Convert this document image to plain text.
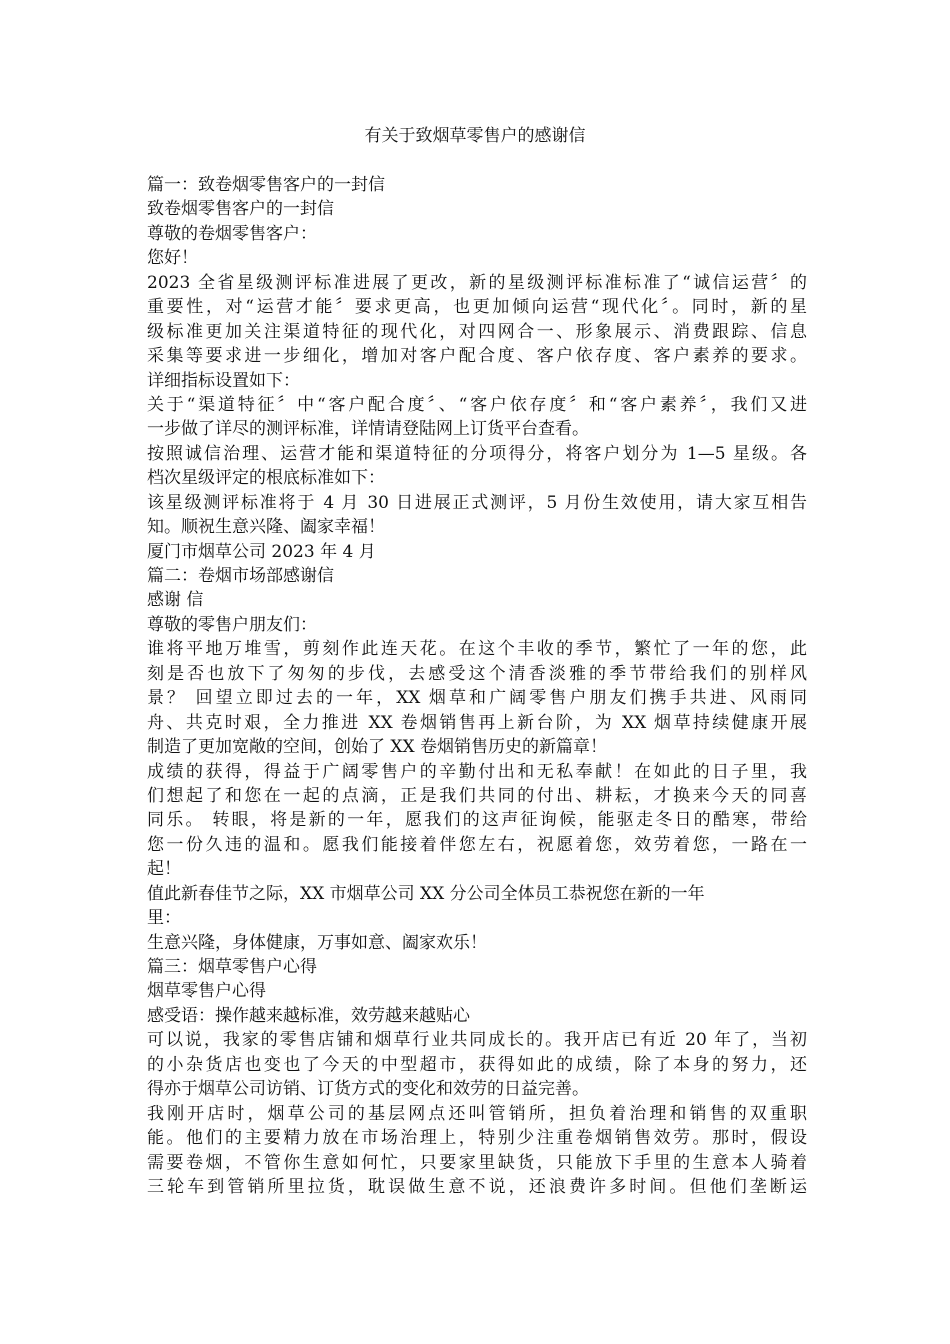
有关于致烟草零售户的感谢信
篇一：致卷烟零售客户的一封信
致卷烟零售客户的一封信
尊敬的卷烟零售客户：
您好！
2023 全省星级测评标准进展了更改，新的星级测评标准标准了“诚信运营〞的
重要性，对“运营才能〞要求更高，也更加倾向运营“现代化〞。同时，新的星
级标准更加关注渠道特征的现代化，对四网合一、形象展示、消费跟踪、信息
采集等要求进一步细化，增加对客户配合度、客户依存度、客户素养的要求。
详细指标设置如下：
关于“渠道特征〞中“客户配合度〞、“客户依存度〞和“客户素养〞，我们又进
一步做了详尽的测评标准，详情请登陆网上订货平台查看。
按照诚信治理、运营才能和渠道特征的分项得分，将客户划分为 1—5 星级。各
档次星级评定的根底标准如下：
该星级测评标准将于 4 月 30 日进展正式测评，5 月份生效使用，请大家互相告
知。顺祝生意兴隆、阖家幸福！
厦门市烟草公司 2023 年 4 月
篇二：卷烟市场部感谢信
感谢 信
尊敬的零售户朋友们：
谁将平地万堆雪，剪刻作此连天花。在这个丰收的季节，繁忙了一年的您，此
刻是否也放下了匆匆的步伐，去感受这个清香淡雅的季节带给我们的别样风
景？ 回望立即过去的一年，XX 烟草和广阔零售户朋友们携手共进、风雨同
舟、共克时艰，全力推进 XX 卷烟销售再上新台阶，为 XX 烟草持续健康开展
制造了更加宽敞的空间，创始了 XX 卷烟销售历史的新篇章！
成绩的获得，得益于广阔零售户的辛勤付出和无私奉献！在如此的日子里，我
们想起了和您在一起的点滴，正是我们共同的付出、耕耘，才换来今天的同喜
同乐。 转眼，将是新的一年，愿我们的这声征询候，能驱走冬日的酷寒，带给
您一份久违的温和。愿我们能接着伴您左右，祝愿着您，效劳着您，一路在一
起！
值此新春佳节之际，XX 市烟草公司 XX 分公司全体员工恭祝您在新的一年
里：
生意兴隆，身体健康，万事如意、阖家欢乐！
篇三：烟草零售户心得
烟草零售户心得
感受语：操作越来越标准，效劳越来越贴心
可以说，我家的零售店铺和烟草行业共同成长的。我开店已有近 20 年了，当初
的小杂货店也变也了今天的中型超市，获得如此的成绩，除了本身的努力，还
得亦于烟草公司访销、订货方式的变化和效劳的日益完善。
我刚开店时，烟草公司的基层网点还叫管销所，担负着治理和销售的双重职
能。他们的主要精力放在市场治理上，特别少注重卷烟销售效劳。那时，假设
需要卷烟，不管你生意如何忙，只要家里缺货，只能放下手里的生意本人骑着
三轮车到管销所里拉货，耽误做生意不说，还浪费许多时间。但他们垄断运
